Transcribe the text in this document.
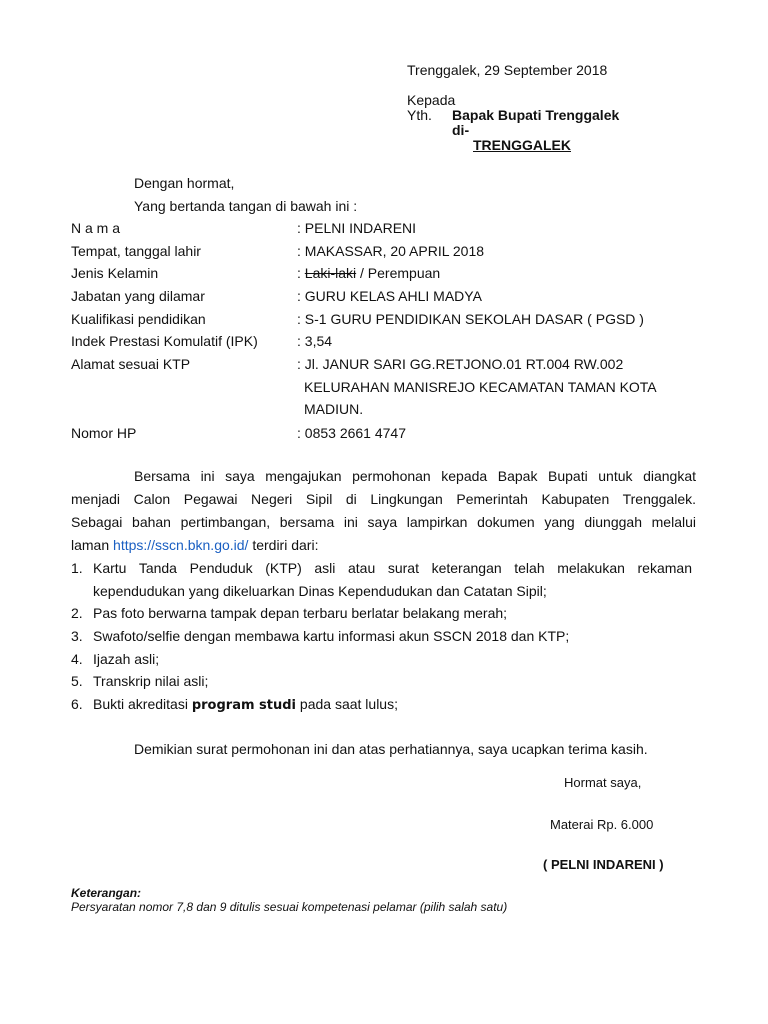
Trenggalek, 29 September 2018
Kepada
Yth. Bapak Bupati Trenggalek
di-
TRENGGALEK
Dengan hormat,
Yang bertanda tangan di bawah ini :
N a m a	: PELNI INDARENI
Tempat, tanggal lahir	: MAKASSAR, 20 APRIL 2018
Jenis Kelamin	: Laki-laki / Perempuan
Jabatan yang dilamar	: GURU KELAS AHLI MADYA
Kualifikasi pendidikan	: S-1 GURU PENDIDIKAN SEKOLAH DASAR ( PGSD )
Indek Prestasi Komulatif (IPK)	: 3,54
Alamat sesuai KTP	: Jl. JANUR SARI GG.RETJONO.01 RT.004 RW.002
KELURAHAN MANISREJO KECAMATAN TAMAN KOTA
MADIUN.
Nomor HP	: 0853 2661 4747
Bersama ini saya mengajukan permohonan kepada Bapak Bupati untuk diangkat
menjadi Calon Pegawai Negeri Sipil di Lingkungan Pemerintah Kabupaten Trenggalek.
Sebagai bahan pertimbangan, bersama ini saya lampirkan dokumen yang diunggah melalui
laman https://sscn.bkn.go.id/ terdiri dari:
1. Kartu Tanda Penduduk (KTP) asli atau surat keterangan telah melakukan rekaman
kependudukan yang dikeluarkan Dinas Kependudukan dan Catatan Sipil;
2. Pas foto berwarna tampak depan terbaru berlatar belakang merah;
3. Swafoto/selfie dengan membawa kartu informasi akun SSCN 2018 dan KTP;
4. Ijazah asli;
5. Transkrip nilai asli;
6. Bukti akreditasi program studi pada saat lulus;
Demikian surat permohonan ini dan atas perhatiannya, saya ucapkan terima kasih.
Hormat saya,
Materai Rp. 6.000
( PELNI INDARENI )
Keterangan:
Persyaratan nomor 7,8 dan 9 ditulis sesuai kompetenasi pelamar (pilih salah satu)
